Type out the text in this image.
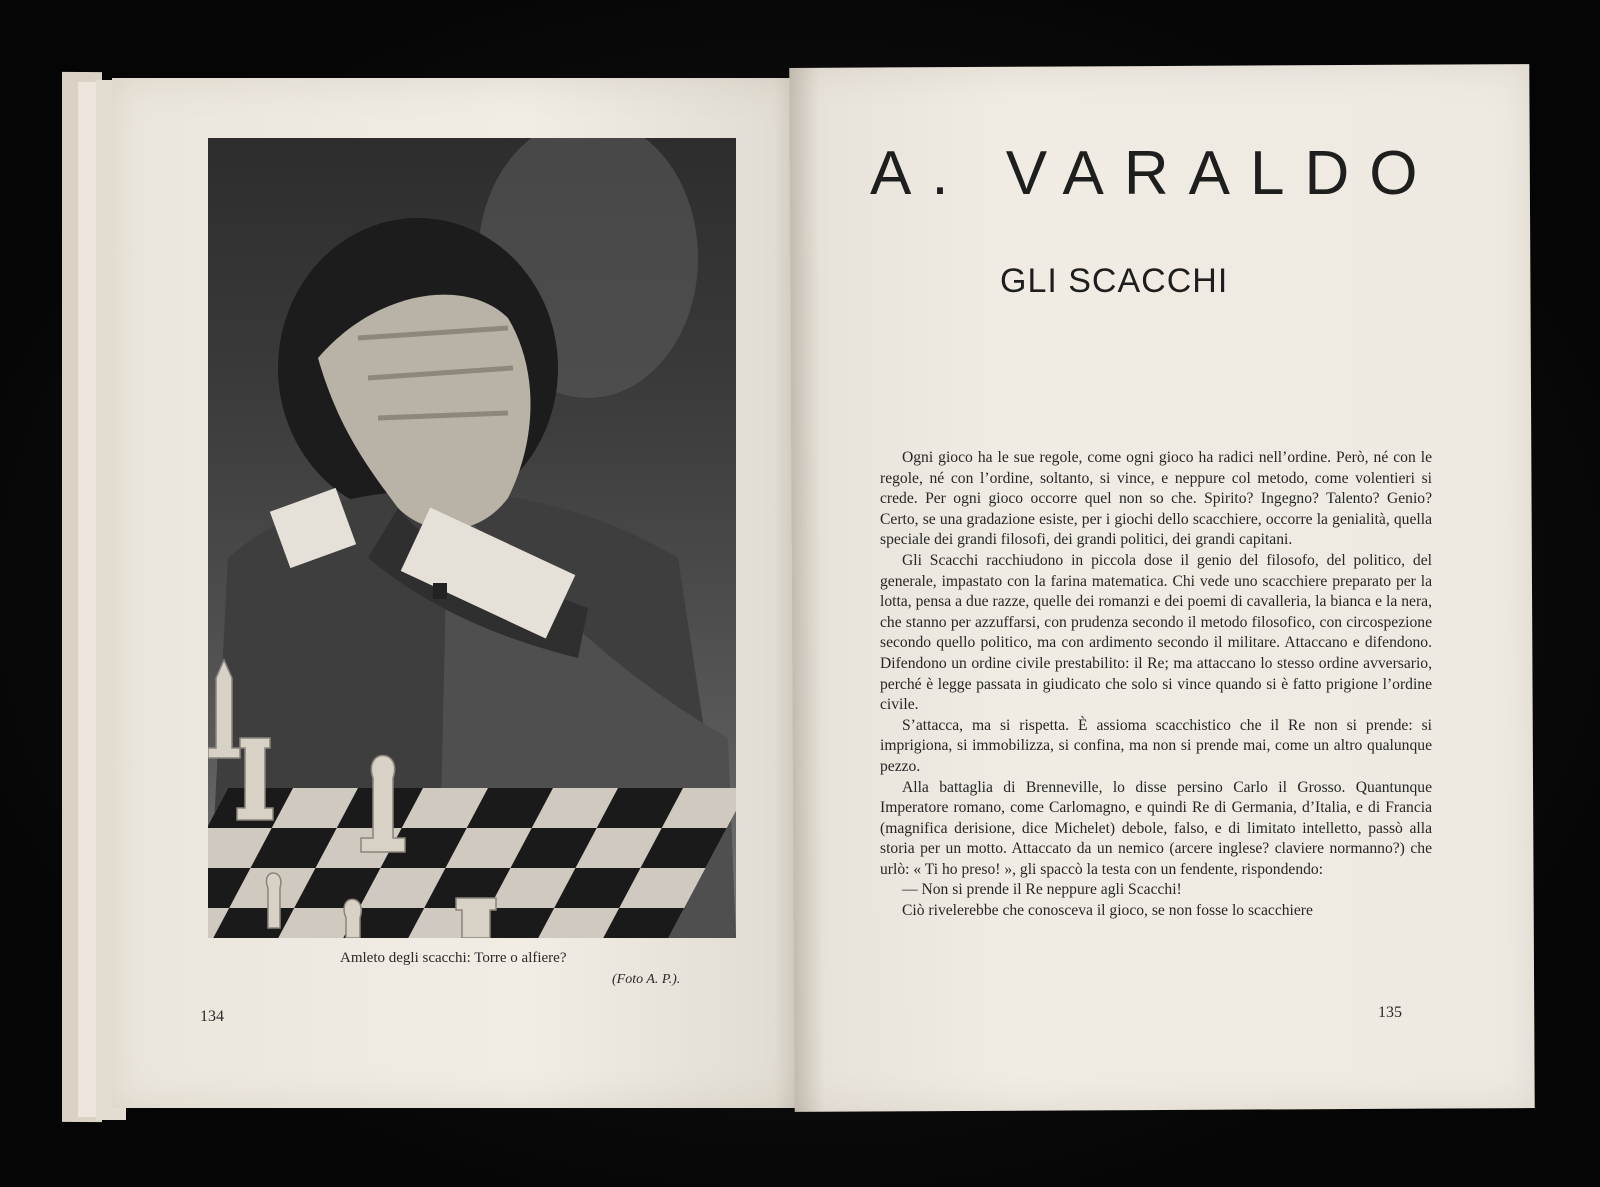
Amleto degli scacchi: Torre o alfiere?
(Foto A. P.).
134
A. VARALDO
GLI SCACCHI

Ogni gioco ha le sue regole, come ogni gioco ha radici nell’ordine. Però, né con le regole, né con l’ordine, soltanto, si vince, e neppure col metodo, come volentieri si crede. Per ogni gioco occorre quel non so che. Spirito? Ingegno? Talento? Genio? Certo, se una gradazione esiste, per i giochi dello scacchiere, occorre la genialità, quella speciale dei grandi filosofi, dei grandi politici, dei grandi capitani.

Gli Scacchi racchiudono in piccola dose il genio del filosofo, del politico, del generale, impastato con la farina matematica. Chi vede uno scacchiere preparato per la lotta, pensa a due razze, quelle dei romanzi e dei poemi di cavalleria, la bianca e la nera, che stanno per azzuffarsi, con prudenza secondo il metodo filosofico, con circospezione secondo quello politico, ma con ardimento secondo il militare. Attaccano e difendono. Difendono un ordine civile prestabilito: il Re; ma attaccano lo stesso ordine avversario, perché è legge passata in giudicato che solo si vince quando si è fatto prigione l’ordine civile.

S’attacca, ma si rispetta. È assioma scacchistico che il Re non si prende: si imprigiona, si immobilizza, si confina, ma non si prende mai, come un altro qualunque pezzo.

Alla battaglia di Brenneville, lo disse persino Carlo il Grosso. Quantunque Imperatore romano, come Carlomagno, e quindi Re di Germania, d’Italia, e di Francia (magnifica derisione, dice Michelet) debole, falso, e di limitato intelletto, passò alla storia per un motto. Attaccato da un nemico (arcere inglese? claviere normanno?) che urlò: « Ti ho preso! », gli spaccò la testa con un fendente, rispondendo:

— Non si prende il Re neppure agli Scacchi!

Ciò rivelerebbe che conosceva il gioco, se non fosse lo scacchiere

135
